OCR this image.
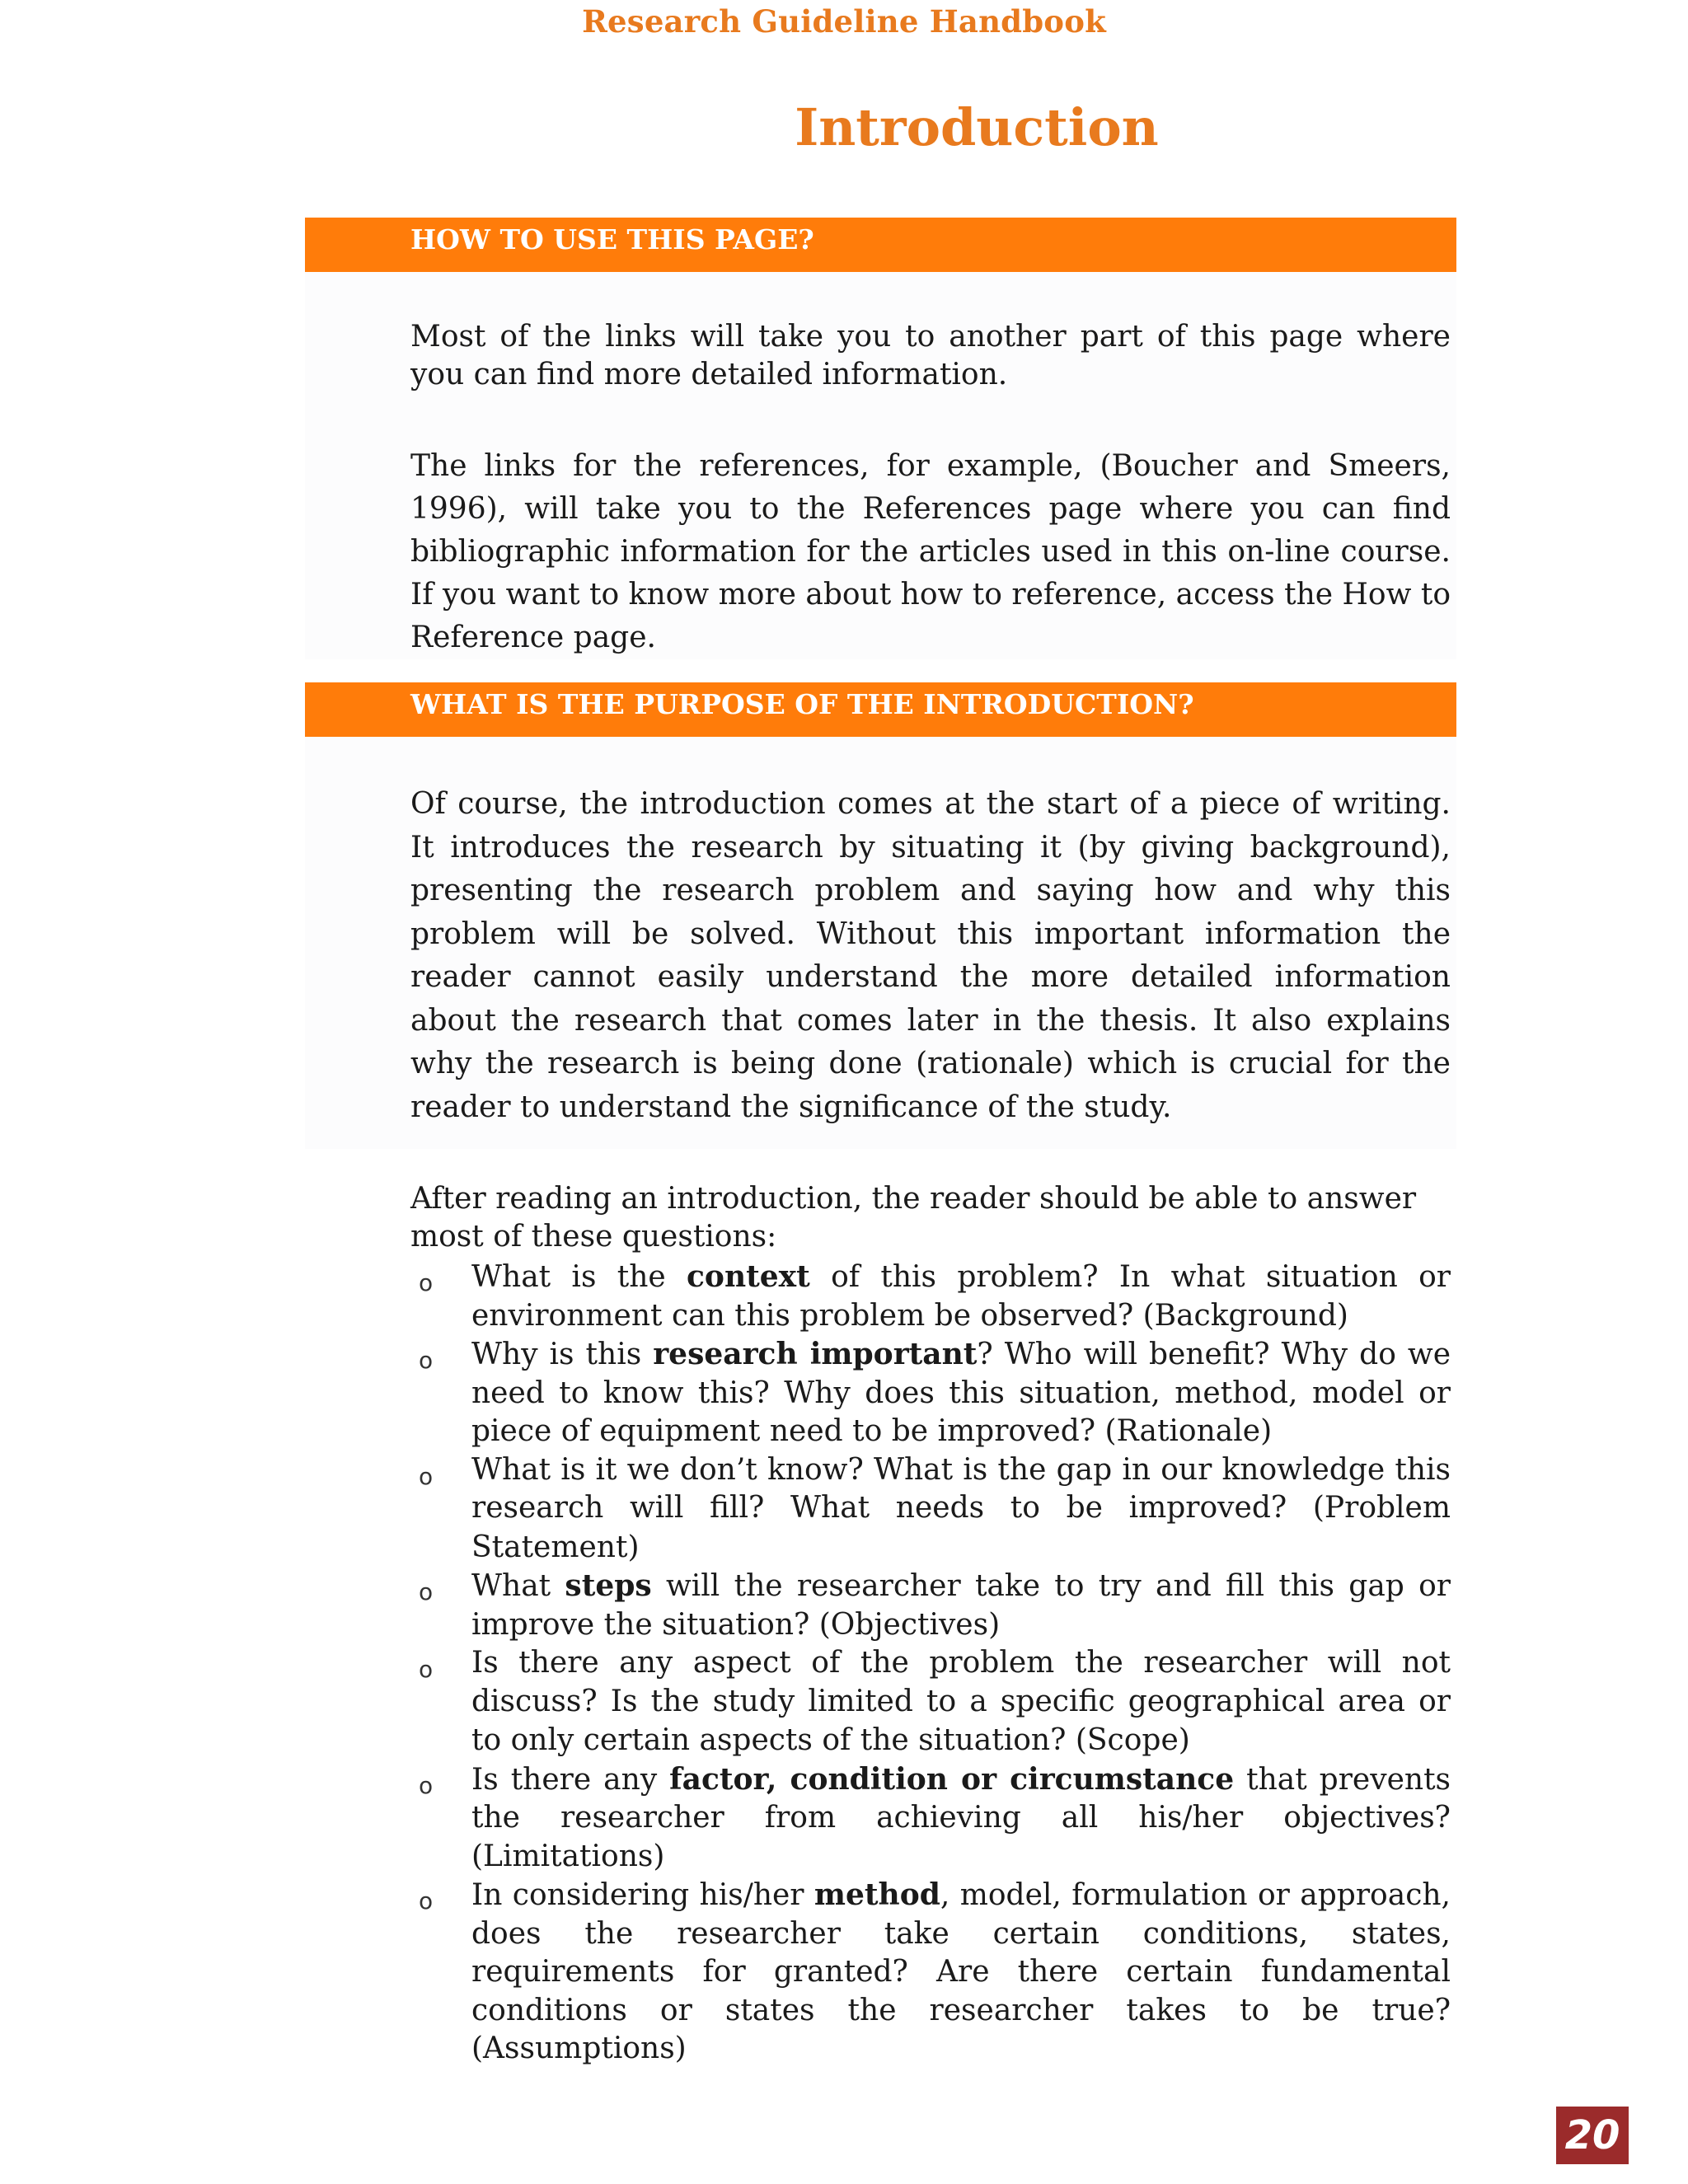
Research Guideline Handbook
Introduction
HOW TO USE THIS PAGE?

Most of the links will take you to another part of this page where you can find more detailed information.

The links for the references, for example, (Boucher and Smeers, 1996), will take you to the References page where you can find bibliographic information for the articles used in this on-line course. If you want to know more about how to reference, access the How to Reference page.

WHAT IS THE PURPOSE OF THE INTRODUCTION?

Of course, the introduction comes at the start of a piece of writing. It introduces the research by situating it (by giving background), presenting the research problem and saying how and why this problem will be solved. Without this important information the reader cannot easily understand the more detailed information about the research that comes later in the thesis. It also explains why the research is being done (rationale) which is crucial for the reader to understand the significance of the study.

After reading an introduction, the reader should be able to answer most of these questions:

o What is the context of this problem? In what situation or environment can this problem be observed? (Background)
o Why is this research important? Who will benefit? Why do we need to know this? Why does this situation, method, model or piece of equipment need to be improved? (Rationale)
o What is it we don’t know? What is the gap in our knowledge this research will fill? What needs to be improved? (Problem Statement)
o What steps will the researcher take to try and fill this gap or improve the situation? (Objectives)
o Is there any aspect of the problem the researcher will not discuss? Is the study limited to a specific geographical area or to only certain aspects of the situation? (Scope)
o Is there any factor, condition or circumstance that prevents the researcher from achieving all his/her objectives? (Limitations)
o In considering his/her method, model, formulation or approach, does the researcher take certain conditions, states, requirements for granted? Are there certain fundamental conditions or states the researcher takes to be true? (Assumptions)
20
